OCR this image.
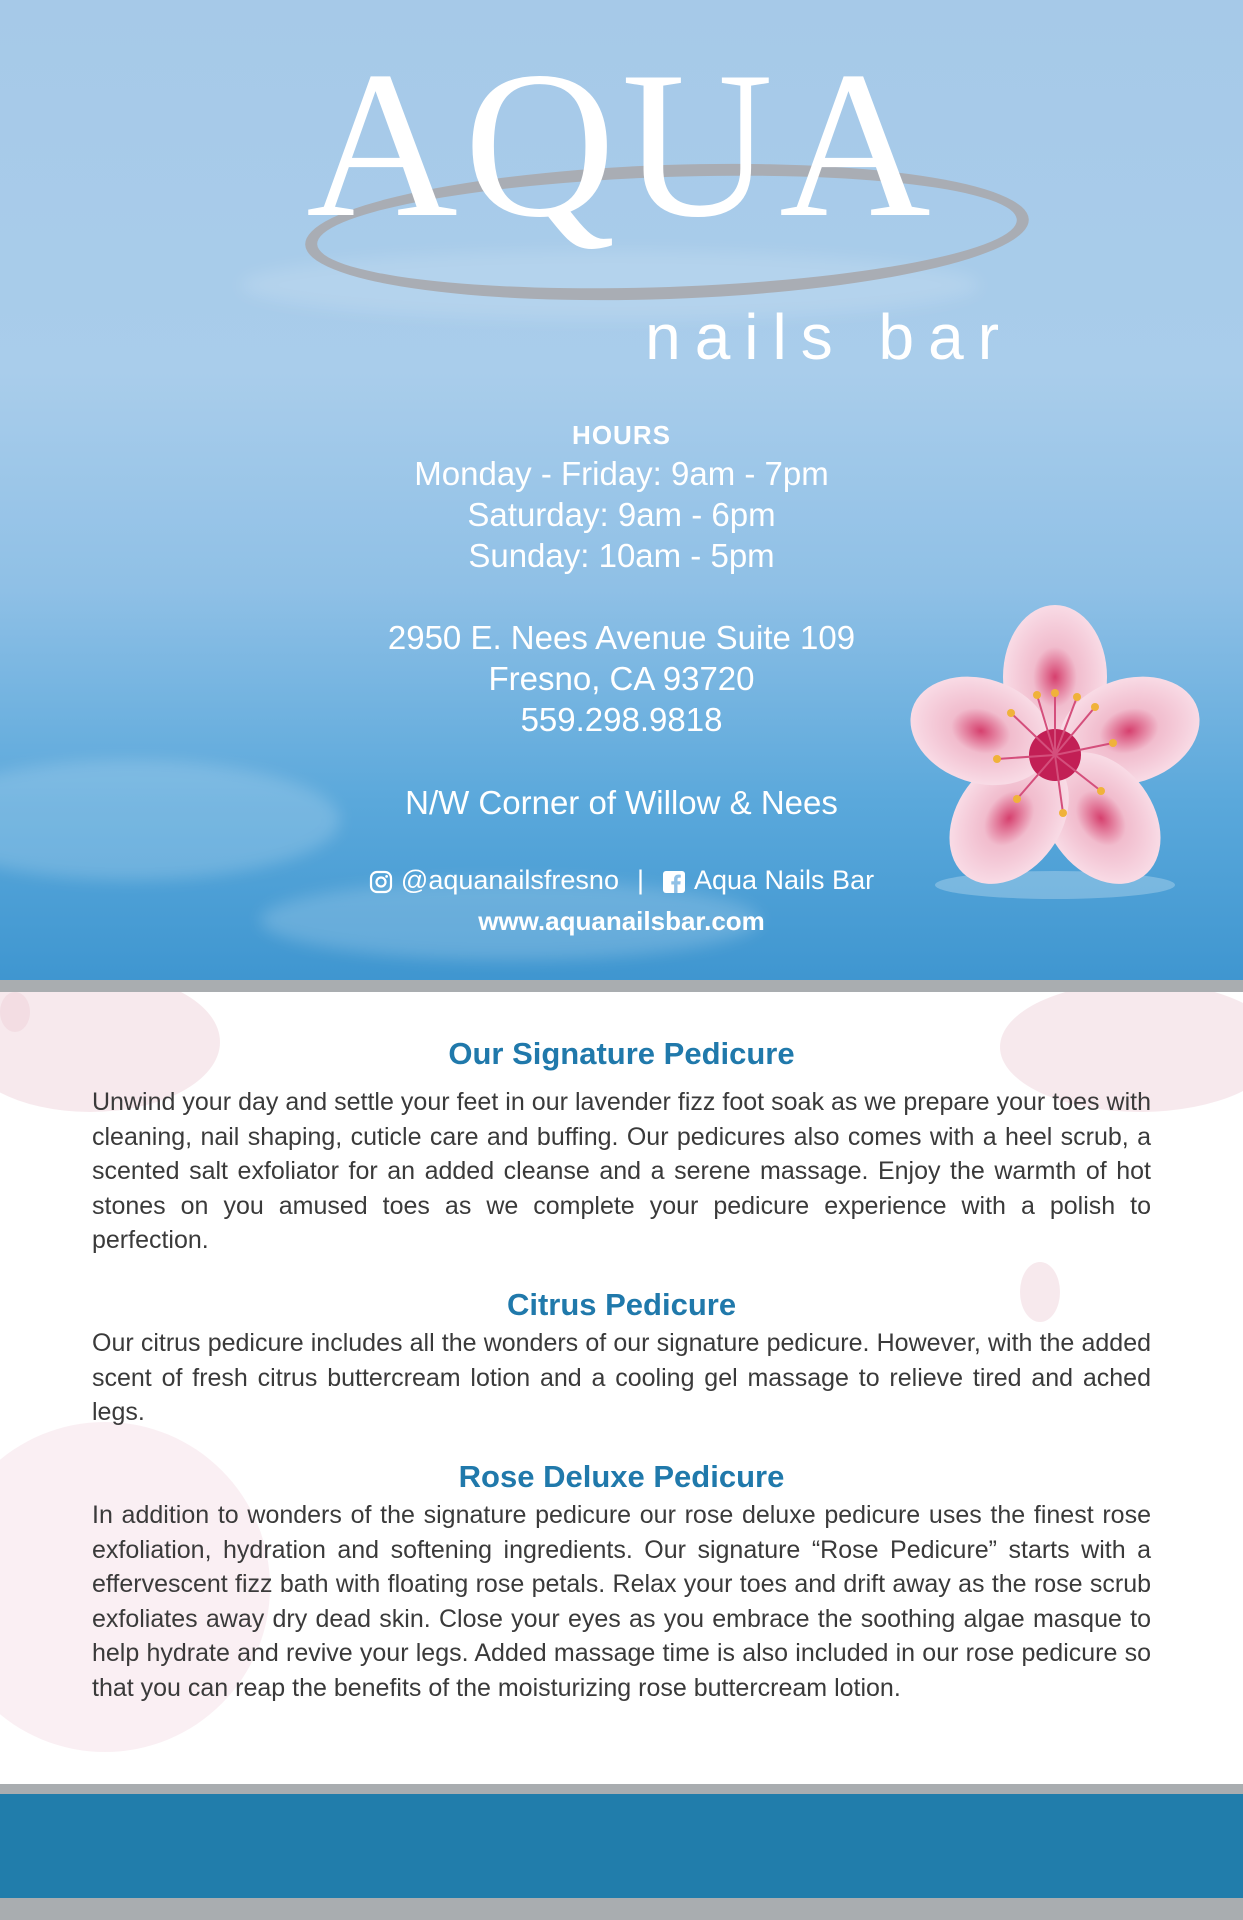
AQUA
nails bar
HOURS
Monday - Friday: 9am - 7pm
Saturday: 9am - 6pm
Sunday: 10am - 5pm
2950 E. Nees Avenue Suite 109
Fresno, CA 93720
559.298.9818
N/W Corner of Willow & Nees
@aquanailsfresno | Aqua Nails Bar
www.aquanailsbar.com
Our Signature Pedicure
Unwind your day and settle your feet in our lavender fizz foot soak as we prepare your toes with cleaning, nail shaping, cuticle care and buffing. Our pedicures also comes with a heel scrub, a scented salt exfoliator for an added cleanse and a serene massage. Enjoy the warmth of hot stones on you amused toes as we complete your pedicure experience with a polish to perfection.
Citrus Pedicure
Our citrus pedicure includes all the wonders of our signature pedicure. However, with the added scent of fresh citrus buttercream lotion and a cooling gel massage to relieve tired and ached legs.
Rose Deluxe Pedicure
In addition to wonders of the signature pedicure our rose deluxe pedicure uses the finest rose exfoliation, hydration and softening ingredients. Our signature “Rose Pedicure” starts with a effervescent fizz bath with floating rose petals. Relax your toes and drift away as the rose scrub exfoliates away dry dead skin. Close your eyes as you embrace the soothing algae masque to help hydrate and revive your legs. Added massage time is also included in our rose pedicure so that you can reap the benefits of the moisturizing rose buttercream lotion.
